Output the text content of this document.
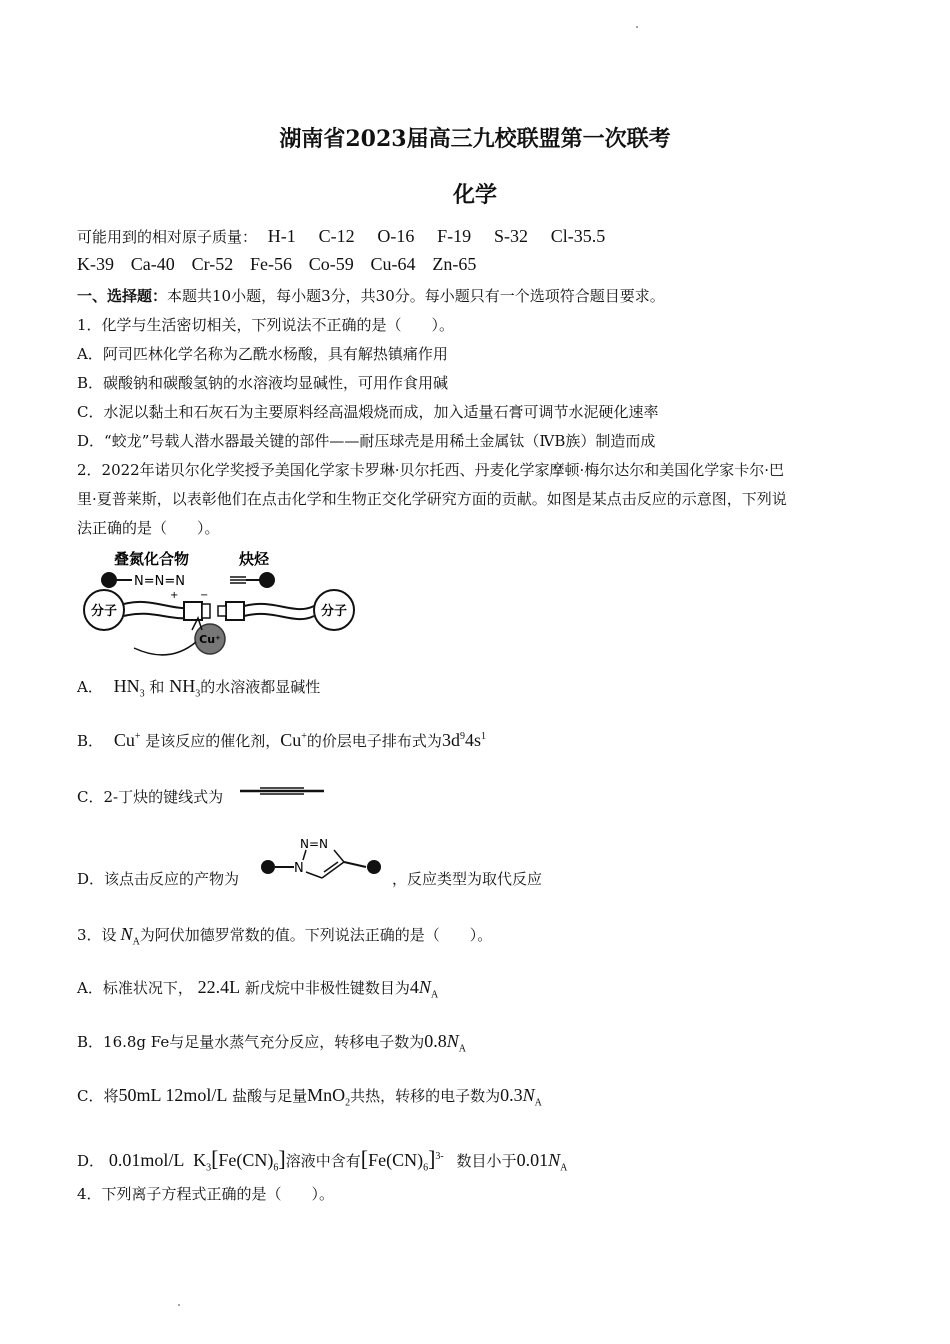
湖南省2023届高三九校联盟第一次联考
化学
可能用到的相对原子质量： H-1 C-12 O-16 F-19 S-32 Cl-35.5
K-39 Ca-40 Cr-52 Fe-56 Co-59 Cu-64 Zn-65
一、选择题：本题共10小题，每小题3分，共30分。每小题只有一个选项符合题目要求。
1．化学与生活密切相关，下列说法不正确的是（　　）。
A．阿司匹林化学名称为乙酰水杨酸，具有解热镇痛作用
B．碳酸钠和碳酸氢钠的水溶液均显碱性，可用作食用碱
C．水泥以黏土和石灰石为主要原料经高温煅烧而成，加入适量石膏可调节水泥硬化速率
D．“蛟龙”号载人潜水器最关键的部件——耐压球壳是用稀土金属钛（ⅣB族）制造而成
2．2022年诺贝尔化学奖授予美国化学家卡罗琳·贝尔托西、丹麦化学家摩顿·梅尔达尔和美国化学家卡尔·巴
里·夏普莱斯，以表彰他们在点击化学和生物正交化学研究方面的贡献。如图是某点击反应的示意图，下列说
法正确的是（　　）。
叠氮化合物	炔烃
N=N=N
+ −
分子	分子
Cu⁺
A． $HN_3$ 和 $NH_3$的水溶液都显碱性
B． Cu+ 是该反应的催化剂，Cu+的价层电子排布式为$3d^94s^1$
C．2-丁炔的键线式为
D．该点击反应的产物为
N
N=N
，反应类型为取代反应
3．设 $N_A$为阿伏加德罗常数的值。下列说法正确的是（　　）。
A．标准状况下， 22.4L 新戊烷中非极性键数目为$4N_A$
B．16.8g Fe与足量水蒸气充分反应，转移电子数为$0.8N_A$
C．将50mL 12mol/L 盐酸与足量MnO$_2$共热，转移的电子数为$0.3N_A$
D． 0.01mol/L $K_3[Fe(CN)_6]$溶液中含有$[Fe(CN)_6]^{3-}$ 数目小于$0.01N_A$
4．下列离子方程式正确的是（　　）。
